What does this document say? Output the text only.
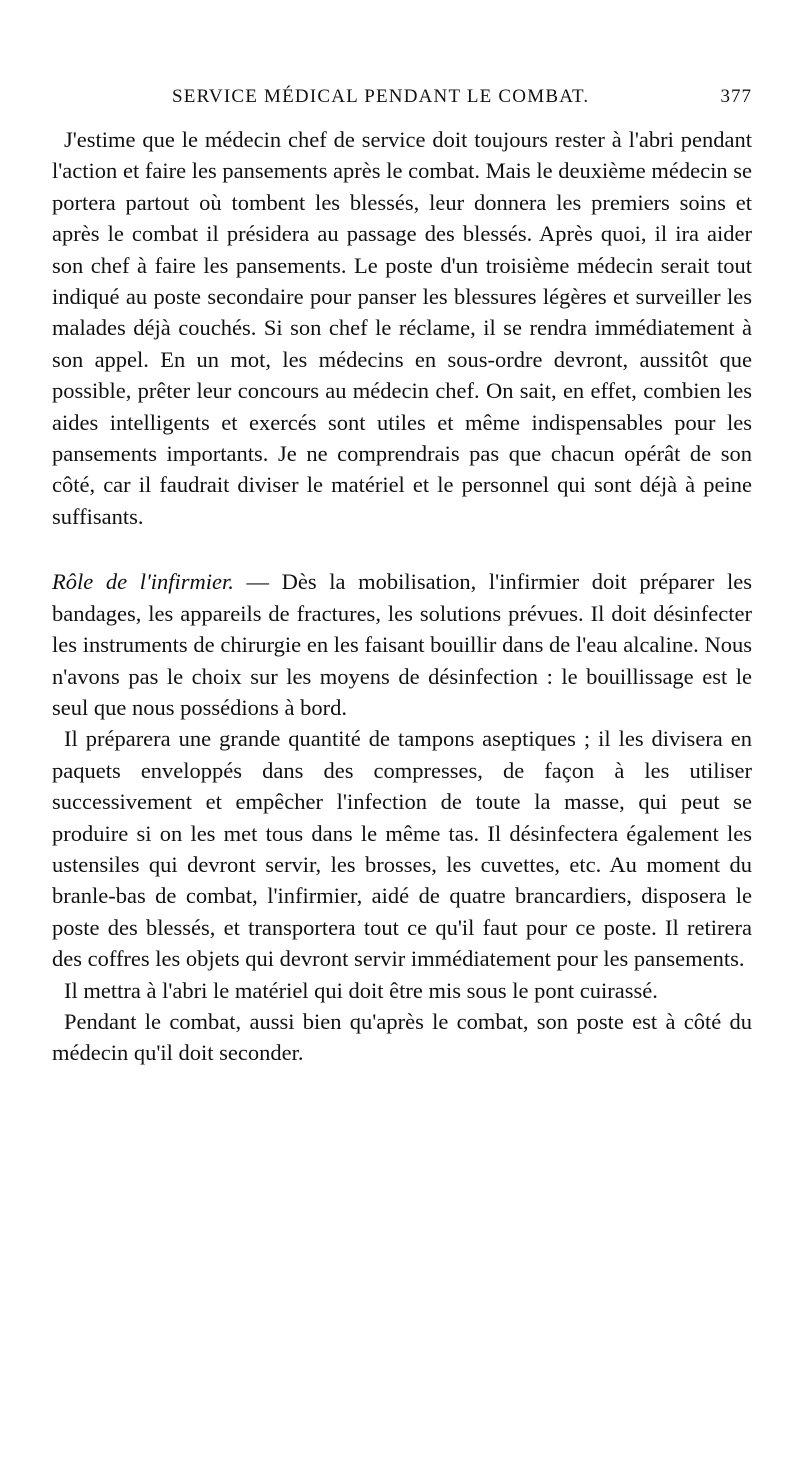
SERVICE MÉDICAL PENDANT LE COMBAT.	377

J'estime que le médecin chef de service doit toujours rester à l'abri pendant l'action et faire les pansements après le combat. Mais le deuxième médecin se portera partout où tombent les blessés, leur donnera les premiers soins et après le combat il présidera au passage des blessés. Après quoi, il ira aider son chef à faire les pansements. Le poste d'un troisième médecin serait tout indiqué au poste secondaire pour panser les blessures légères et surveiller les malades déjà couchés. Si son chef le réclame, il se rendra immédiatement à son appel. En un mot, les médecins en sous-ordre devront, aussitôt que possible, prêter leur concours au médecin chef. On sait, en effet, combien les aides intelligents et exercés sont utiles et même indispensables pour les pansements importants. Je ne comprendrais pas que chacun opérât de son côté, car il faudrait diviser le matériel et le personnel qui sont déjà à peine suffisants.

Rôle de l'infirmier. — Dès la mobilisation, l'infirmier doit préparer les bandages, les appareils de fractures, les solutions prévues. Il doit désinfecter les instruments de chirurgie en les faisant bouillir dans de l'eau alcaline. Nous n'avons pas le choix sur les moyens de désinfection : le bouillissage est le seul que nous possédions à bord.

Il préparera une grande quantité de tampons aseptiques ; il les divisera en paquets enveloppés dans des compresses, de façon à les utiliser successivement et empêcher l'infection de toute la masse, qui peut se produire si on les met tous dans le même tas. Il désinfectera également les ustensiles qui devront servir, les brosses, les cuvettes, etc. Au moment du branle-bas de combat, l'infirmier, aidé de quatre brancardiers, disposera le poste des blessés, et transportera tout ce qu'il faut pour ce poste. Il retirera des coffres les objets qui devront servir immédiatement pour les pansements.

Il mettra à l'abri le matériel qui doit être mis sous le pont cuirassé.

Pendant le combat, aussi bien qu'après le combat, son poste est à côté du médecin qu'il doit seconder.
